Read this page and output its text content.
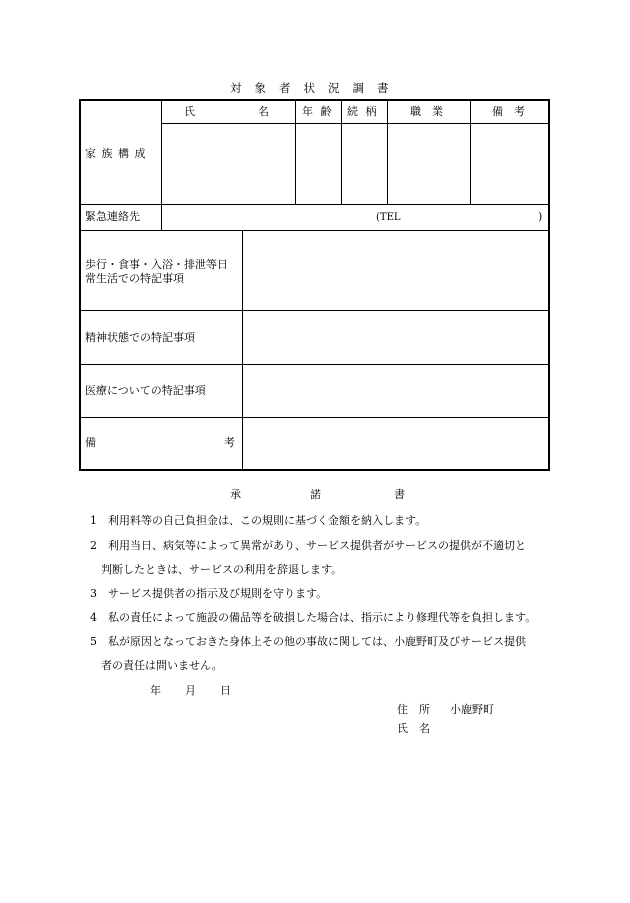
対象者状況調書
家 族 構 成
氏	名	年 齢 続 柄	職　業	備　考
緊急連絡先	(TEL	)
歩行・食事・入浴・排泄等日
常生活での特記事項
精神状態での特記事項
医療についての特記事項
備	考
承	諾	書
1　利用料等の自己負担金は、この規則に基づく金額を納入します。
2　利用当日、病気等によって異常があり、サービス提供者がサービスの提供が不適切と
　判断したときは、サービスの利用を辞退します。
3　サービス提供者の指示及び規則を守ります。
4　私の責任によって施設の備品等を破損した場合は、指示により修理代等を負担します。
5　私が原因となっておきた身体上その他の事故に関しては、小鹿野町及びサービス提供
　者の責任は問いません。
年 月 日
住　所 小鹿野町
氏　名
